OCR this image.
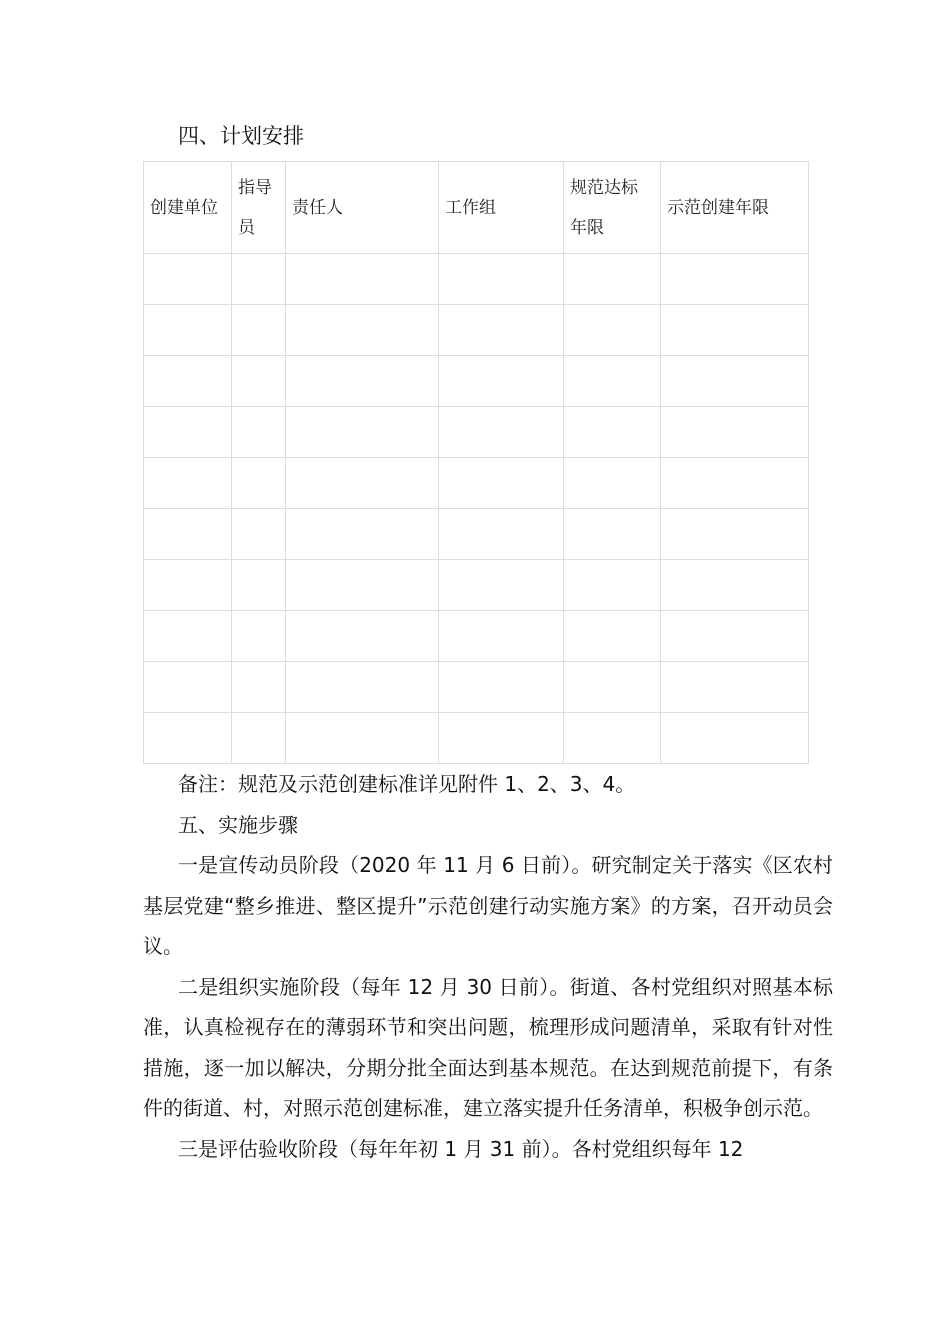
四、计划安排
创建单位	指导员	责任人	工作组	规范达标年限	示范创建年限

备注：规范及示范创建标准详见附件 1、2、3、4。

五、实施步骤

一是宣传动员阶段（2020 年 11 月 6 日前）。研究制定关于落实《区农村基层党建“整乡推进、整区提升”示范创建行动实施方案》的方案，召开动员会议。

二是组织实施阶段（每年 12 月 30 日前）。街道、各村党组织对照基本标准，认真检视存在的薄弱环节和突出问题，梳理形成问题清单，采取有针对性措施，逐一加以解决，分期分批全面达到基本规范。在达到规范前提下，有条件的街道、村，对照示范创建标准，建立落实提升任务清单，积极争创示范。

三是评估验收阶段（每年年初 1 月 31 前）。各村党组织每年 12
